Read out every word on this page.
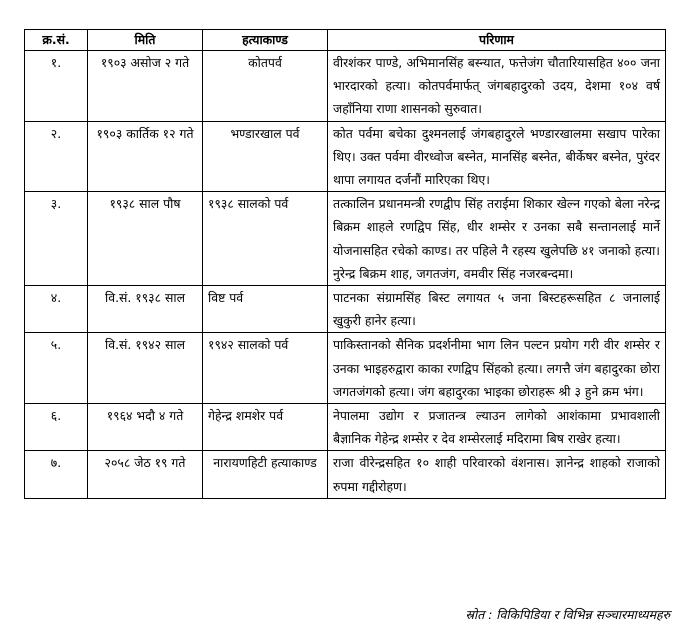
क्र.सं.	मिति	हत्याकाण्ड	परिणाम
१.	१९०३ असोज २ गते	कोतपर्व	वीरशंकर पाण्डे, अभिमानसिंह बस्न्यात, फत्तेजंग चौतारियासहित ४०० जना भारदारको हत्या। कोतपर्वमार्फत् जंगबहादुरको उदय, देशमा १०४ वर्ष जहाँनिया राणा शासनको सुरुवात।
२.	१९०३ कार्तिक १२ गते	भण्डारखाल पर्व	कोत पर्वमा बचेका दुश्मनलाई जंगबहादुरले भण्डारखालमा सखाप पारेका थिए। उक्त पर्वमा वीरध्वोज बस्नेत, मानसिंह बस्नेत, बीर्केषर बस्नेत, पुरंदर थापा लगायत दर्जनौं मारिएका थिए।
३.	१९३८ साल पौष	१९३८ सालको पर्व	तत्कालिन प्रधानमन्त्री रणद्वीप सिंह तराईमा शिकार खेल्न गएको बेला नरेन्द्र बिक्रम शाहले रणद्विप सिंह, धीर शम्सेर र उनका सबै सन्तानलाई मार्ने योजनासहित रचेको काण्ड। तर पहिले नै रहस्य खुलेपछि ४१ जनाको हत्या। नुरेन्द्र बिक्रम शाह, जगतजंग, वमवीर सिंह नजरबन्दमा।
४.	वि.सं. १९३८ साल	विष्ट पर्व	पाटनका संग्रामसिंह बिस्ट लगायत ५ जना बिस्टहरूसहित ८ जनालाई खुकुरी हानेर हत्या।
५.	वि.सं. १९४२ साल	१९४२ सालको पर्व	पाकिस्तानको सैनिक प्रदर्शनीमा भाग लिन पल्टन प्रयोग गरी वीर शम्सेर र उनका भाइहरुद्वारा काका रणद्विप सिंहको हत्या। लगत्तै जंग बहादुरका छोरा जगतजंगको हत्या। जंग बहादुरका भाइका छोराहरू श्री ३ हुने क्रम भंग।
६.	१९६४ भदौ ४ गते	गेहेन्द्र शमशेर पर्व	नेपालमा उद्योग र प्रजातन्त्र ल्याउन लागेको आशंकामा प्रभावशाली बैज्ञानिक गेहेन्द्र शम्सेर र देव शम्सेरलाई मदिरामा बिष राखेर हत्या।
७.	२०५८ जेठ १९ गते	नारायणहिटी हत्याकाण्ड	राजा वीरेन्द्रसहित १० शाही परिवारको वंशनास। ज्ञानेन्द्र शाहको राजाको रुपमा गद्दीरोहण।
स्रोत : विकिपिडिया र विभिन्न सञ्चारमाध्यमहरु
